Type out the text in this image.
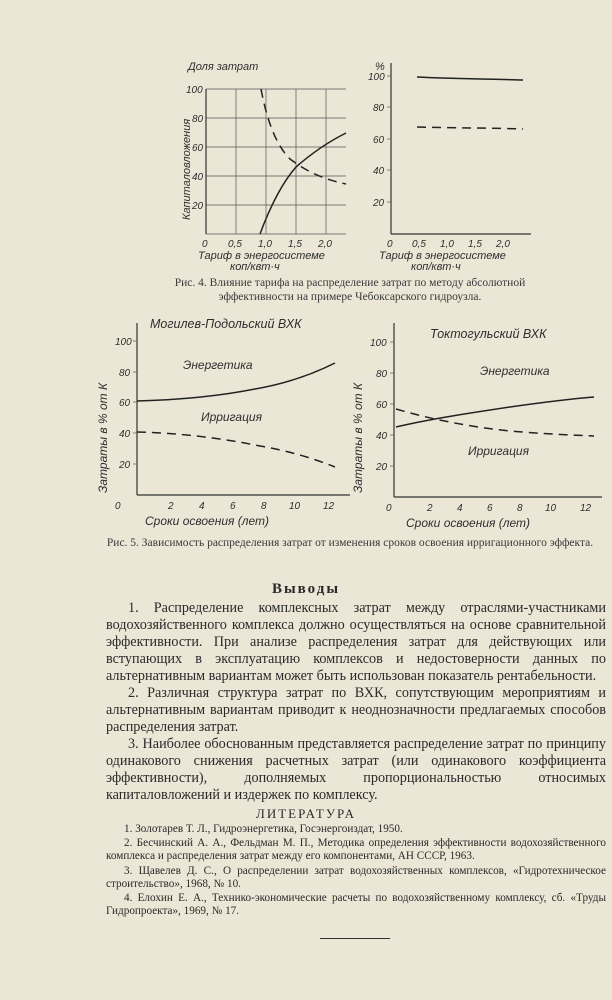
Доля затрат
Капиталовложения
100
80
60
40
20
0 0,5 1,0 1,5 2,0
Тариф в энергосистеме
коп/квт·ч
%
100
80
60
40
20
0 0,5 1,0 1,5 2,0
Тариф в энергосистеме
коп/квт·ч
Рис. 4. Влияние тарифа на распределение затрат по методу абсолютной эффективности на примере Чебоксарского гидроузла.
Могилев-Подольский ВХК
Затраты в % от К
100
80
60
40
20
0	2	4	6	8 10 12
Сроки освоения (лет)
Энергетика
Ирригация
Токтогульский ВХК
Затраты в % от К
100
80
60
40
20
0	2 4 6 8 10 12
Сроки освоения (лет)
Энергетика
Ирригация
Рис. 5. Зависимость распределения затрат от изменения сроков освоения ирригационного эффекта.
Выводы

1. Распределение комплексных затрат между отраслями-участниками водохозяйственного комплекса должно осуществляться на основе сравнительной эффективности. При анализе распределения затрат для действующих или вступающих в эксплуатацию комплексов и недостоверности данных по альтернативным вариантам может быть использован показатель рентабельности.

2. Различная структура затрат по ВХК, сопутствующим мероприятиям и альтернативным вариантам приводит к неоднозначности предлагаемых способов распределения затрат.

3. Наиболее обоснованным представляется распределение затрат по принципу одинакового снижения расчетных затрат (или одинакового коэффициента эффективности), дополняемых пропорциональностью относимых капиталовложений и издержек по комплексу.

ЛИТЕРАТУРА

1. Золотарев Т. Л., Гидроэнергетика, Госэнергоиздат, 1950.

2. Бесчинский А. А., Фельдман М. П., Методика определения эффективности водохозяйственного комплекса и распределения затрат между его компонентами, АН СССР, 1963.

3. Щавелев Д. С., О распределении затрат водохозяйственных комплексов, «Гидротехническое строительство», 1968, № 10.

4. Елохин Е. А., Технико-экономические расчеты по водохозяйственному комплексу, сб. «Труды Гидропроекта», 1969, № 17.
